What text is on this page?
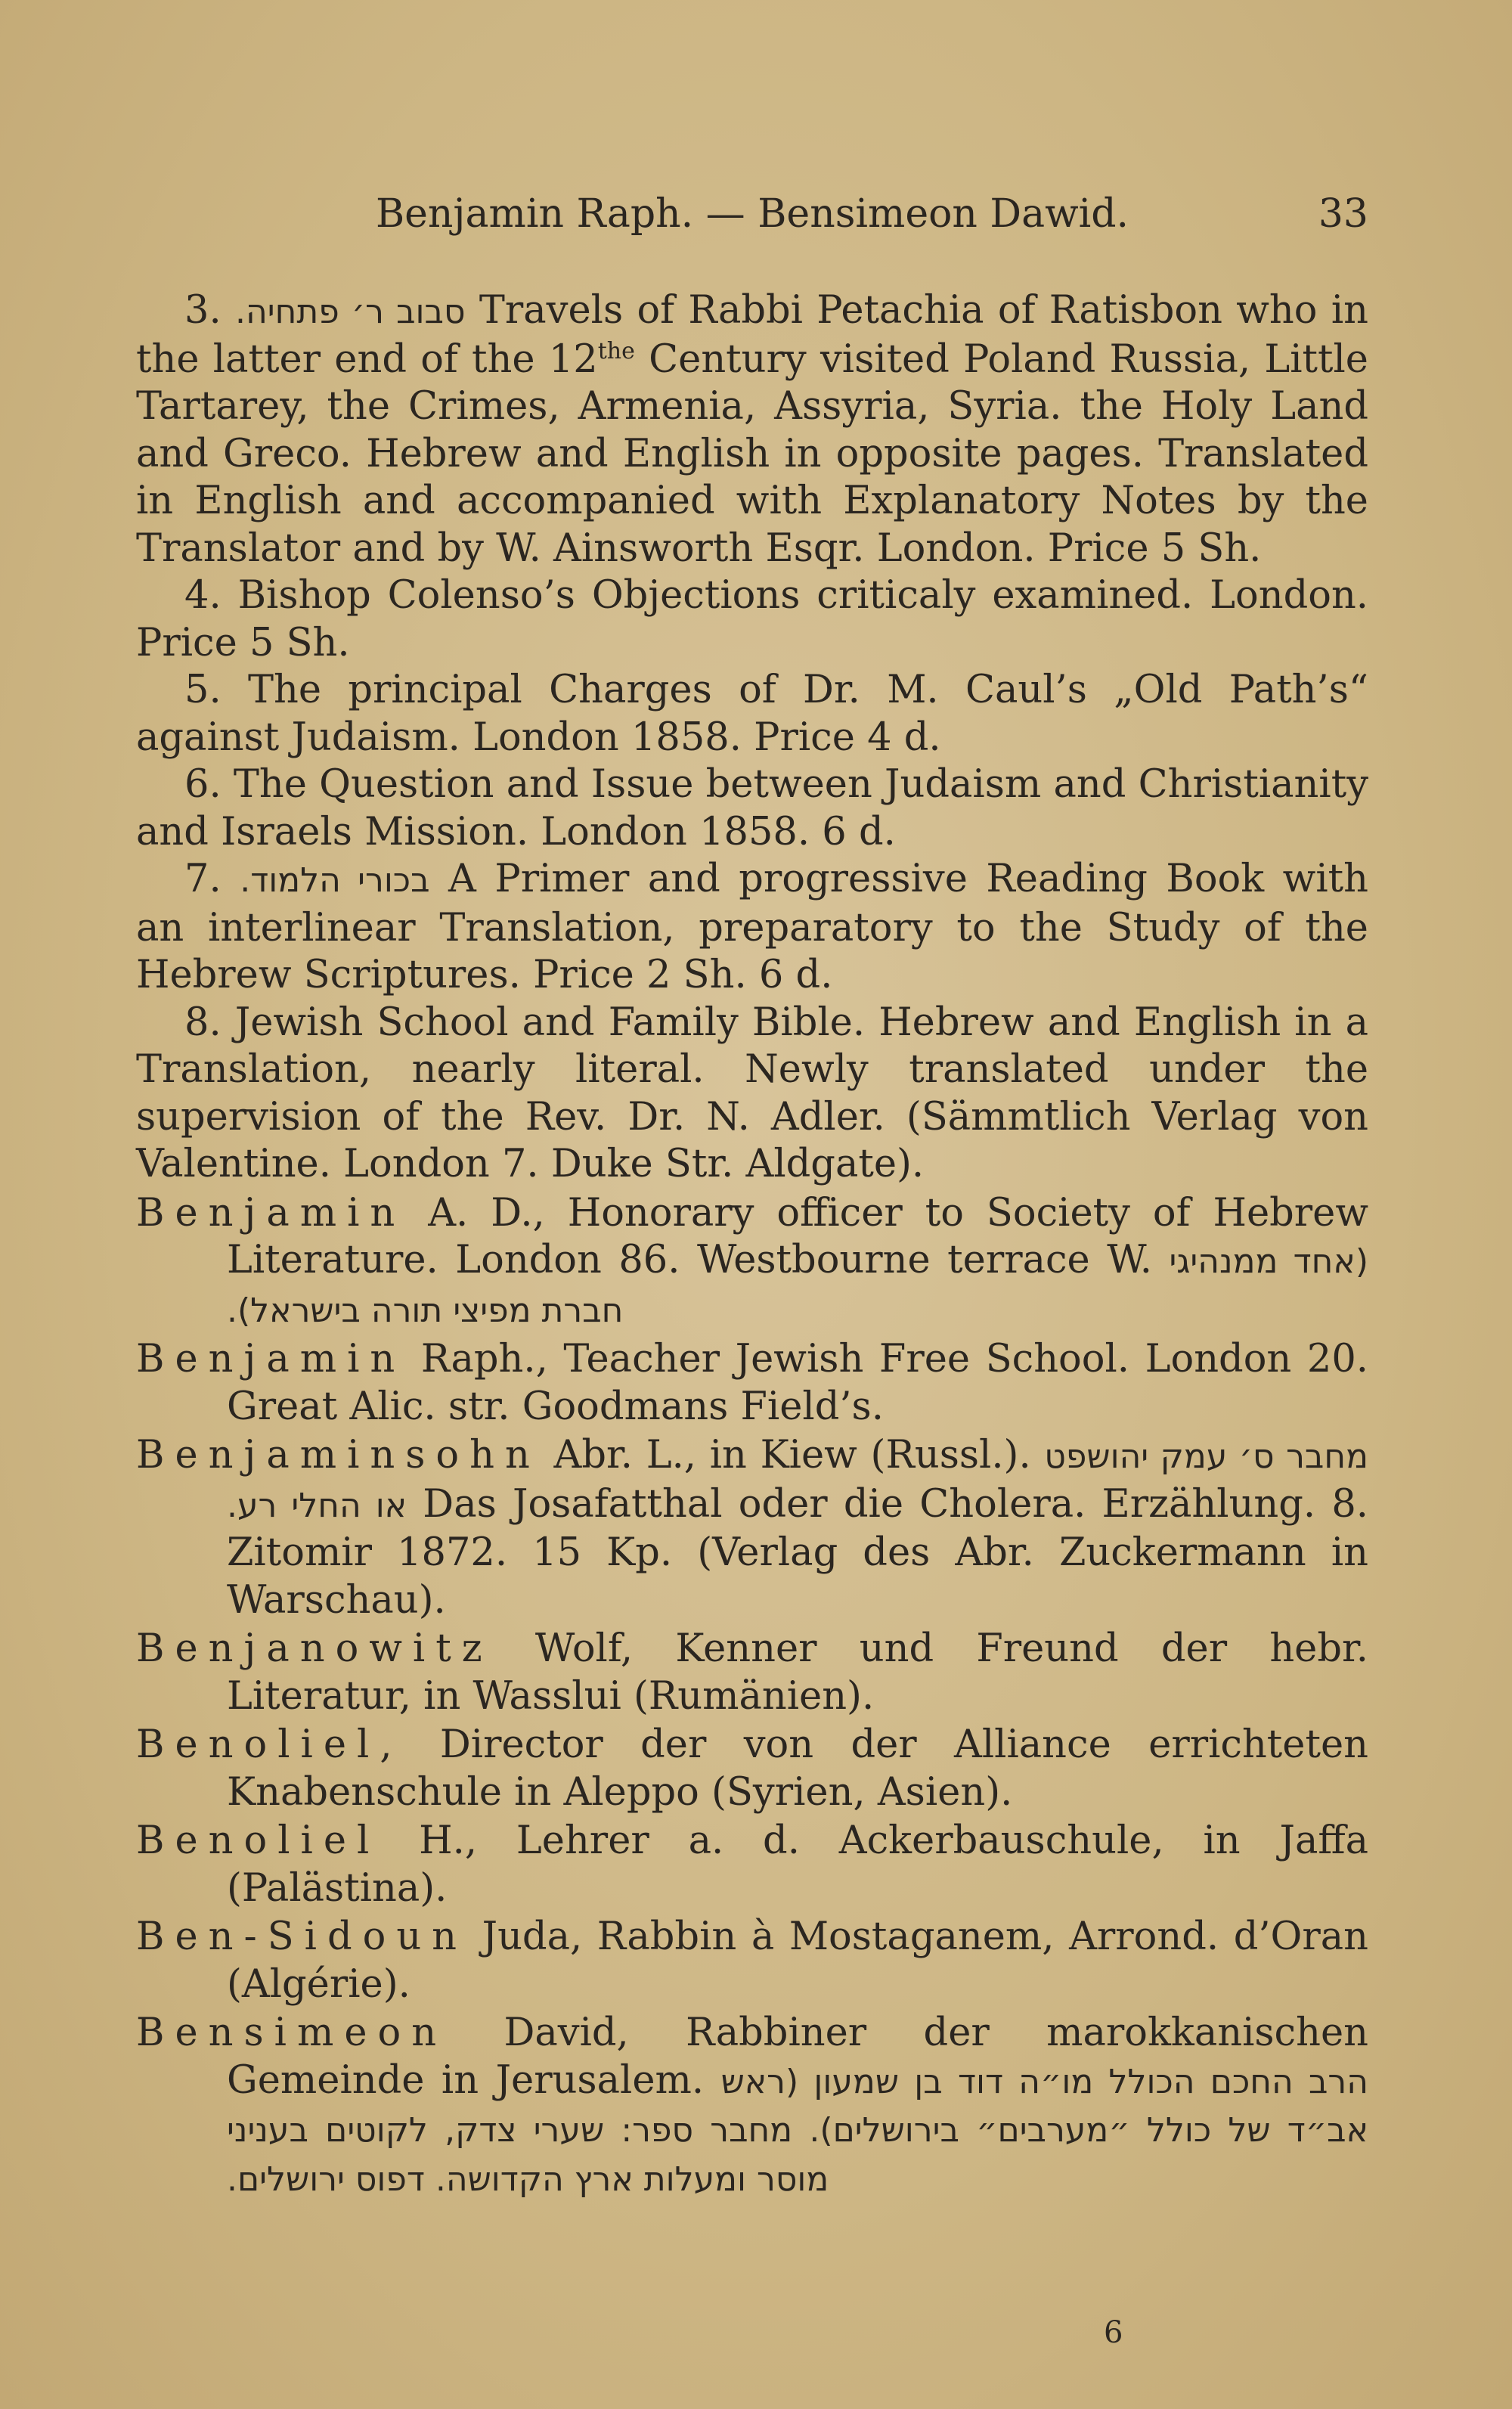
Benjamin Raph. — Bensimeon Dawid.	33

3. סבוב ר׳ פתחיה. Travels of Rabbi Petachia of Ratisbon who in the latter end of the $12^{the}$ Century visited Poland Russia, Little Tartarey, the Crimes, Armenia, Assyria, Syria. the Holy Land and Greco. Hebrew and English in opposite pages. Translated in English and accompanied with Explanatory Notes by the Translator and by W. Ainsworth Esqr. London. Price 5 Sh.

4. Bishop Colenso’s Objections criticaly examined. London. Price 5 Sh.

5. The principal Charges of Dr. M. Caul’s „Old Path’s“ against Judaism. London 1858. Price 4 d.

6. The Question and Issue between Judaism and Christianity and Israels Mission. London 1858. 6 d.

7. בכורי הלמוד. A Primer and progressive Reading Book with an interlinear Translation, preparatory to the Study of the Hebrew Scriptures. Price 2 Sh. 6 d.

8. Jewish School and Family Bible. Hebrew and English in a Translation, nearly literal. Newly translated under the supervision of the Rev. Dr. N. Adler. (Sämmtlich Verlag von Valentine. London 7. Duke Str. Aldgate).

Benjamin A. D., Honorary officer to Society of Hebrew Literature. London 86. Westbourne terrace W. (אחד ממנהיגי חברת מפיצי תורה בישראל).

Benjamin Raph., Teacher Jewish Free School. London 20. Great Alic. str. Goodmans Field’s.

Benjaminsohn Abr. L., in Kiew (Russl.). מחבר ס׳ עמק יהושפט או החלי רע. Das Josafatthal oder die Cholera. Erzählung. 8. Zitomir 1872. 15 Kp. (Verlag des Abr. Zuckermann in Warschau).

Benjanowitz Wolf, Kenner und Freund der hebr. Literatur, in Wasslui (Rumänien).

Benoliel, Director der von der Alliance errichteten Knabenschule in Aleppo (Syrien, Asien).

Benoliel H., Lehrer a. d. Ackerbauschule, in Jaffa (Palästina).

Ben-Sidoun Juda, Rabbin à Mostaganem, Arrond. d’Oran (Algérie).

Bensimeon David, Rabbiner der marokkanischen Gemeinde in Jerusalem. הרב החכם הכולל מו״ה דוד בן שמעון (ראש אב״ד של כולל ״מערבים״ בירושלים). מחבר ספר: שערי צדק, לקוטים בעניני מוסר ומעלות ארץ הקדושה. דפוס ירושלים.

6
